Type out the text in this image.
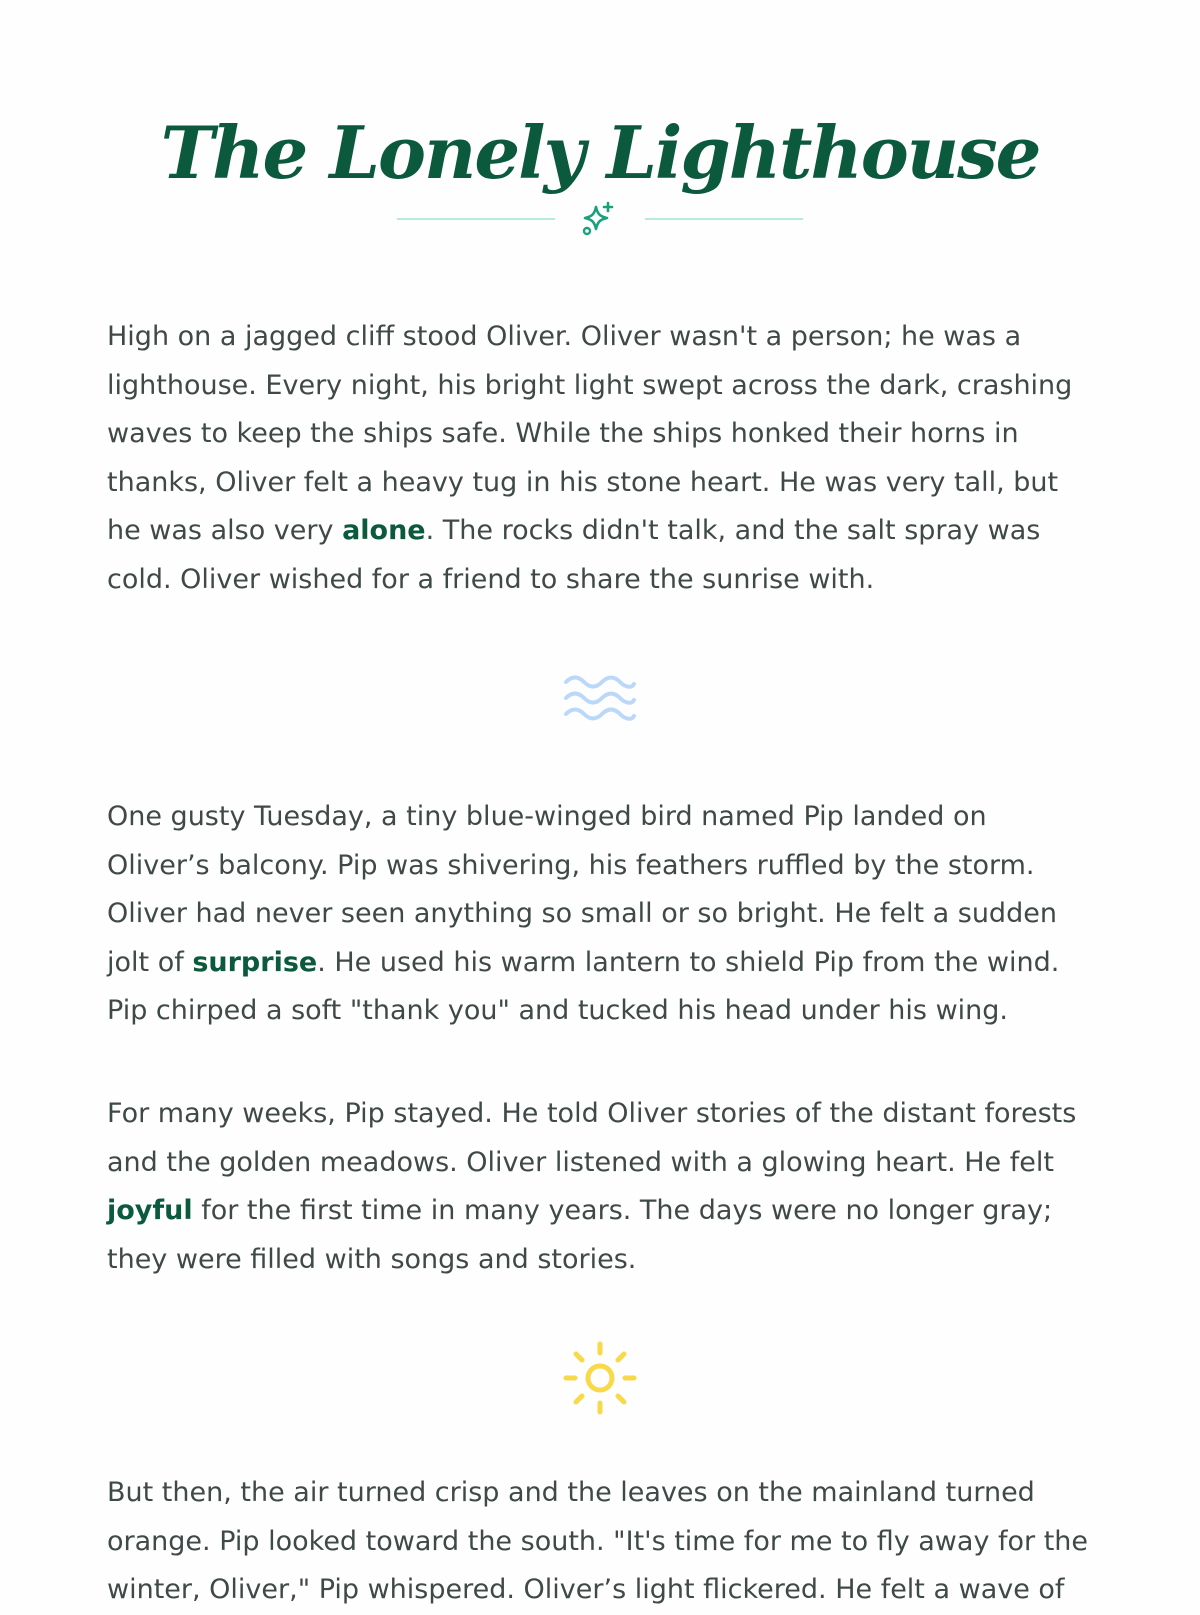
The Lonely Lighthouse

High on a jagged cliff stood Oliver. Oliver wasn't a person; he was a lighthouse. Every night, his bright light swept across the dark, crashing waves to keep the ships safe. While the ships honked their horns in thanks, Oliver felt a heavy tug in his stone heart. He was very tall, but he was also very alone. The rocks didn't talk, and the salt spray was cold. Oliver wished for a friend to share the sunrise with.

One gusty Tuesday, a tiny blue-winged bird named Pip landed on Oliver’s balcony. Pip was shivering, his feathers ruffled by the storm. Oliver had never seen anything so small or so bright. He felt a sudden jolt of surprise. He used his warm lantern to shield Pip from the wind. Pip chirped a soft "thank you" and tucked his head under his wing.

For many weeks, Pip stayed. He told Oliver stories of the distant forests and the golden meadows. Oliver listened with a glowing heart. He felt joyful for the first time in many years. The days were no longer gray; they were filled with songs and stories.

But then, the air turned crisp and the leaves on the mainland turned orange. Pip looked toward the south. "It's time for me to fly away for the winter, Oliver," Pip whispered. Oliver’s light flickered. He felt a wave of
